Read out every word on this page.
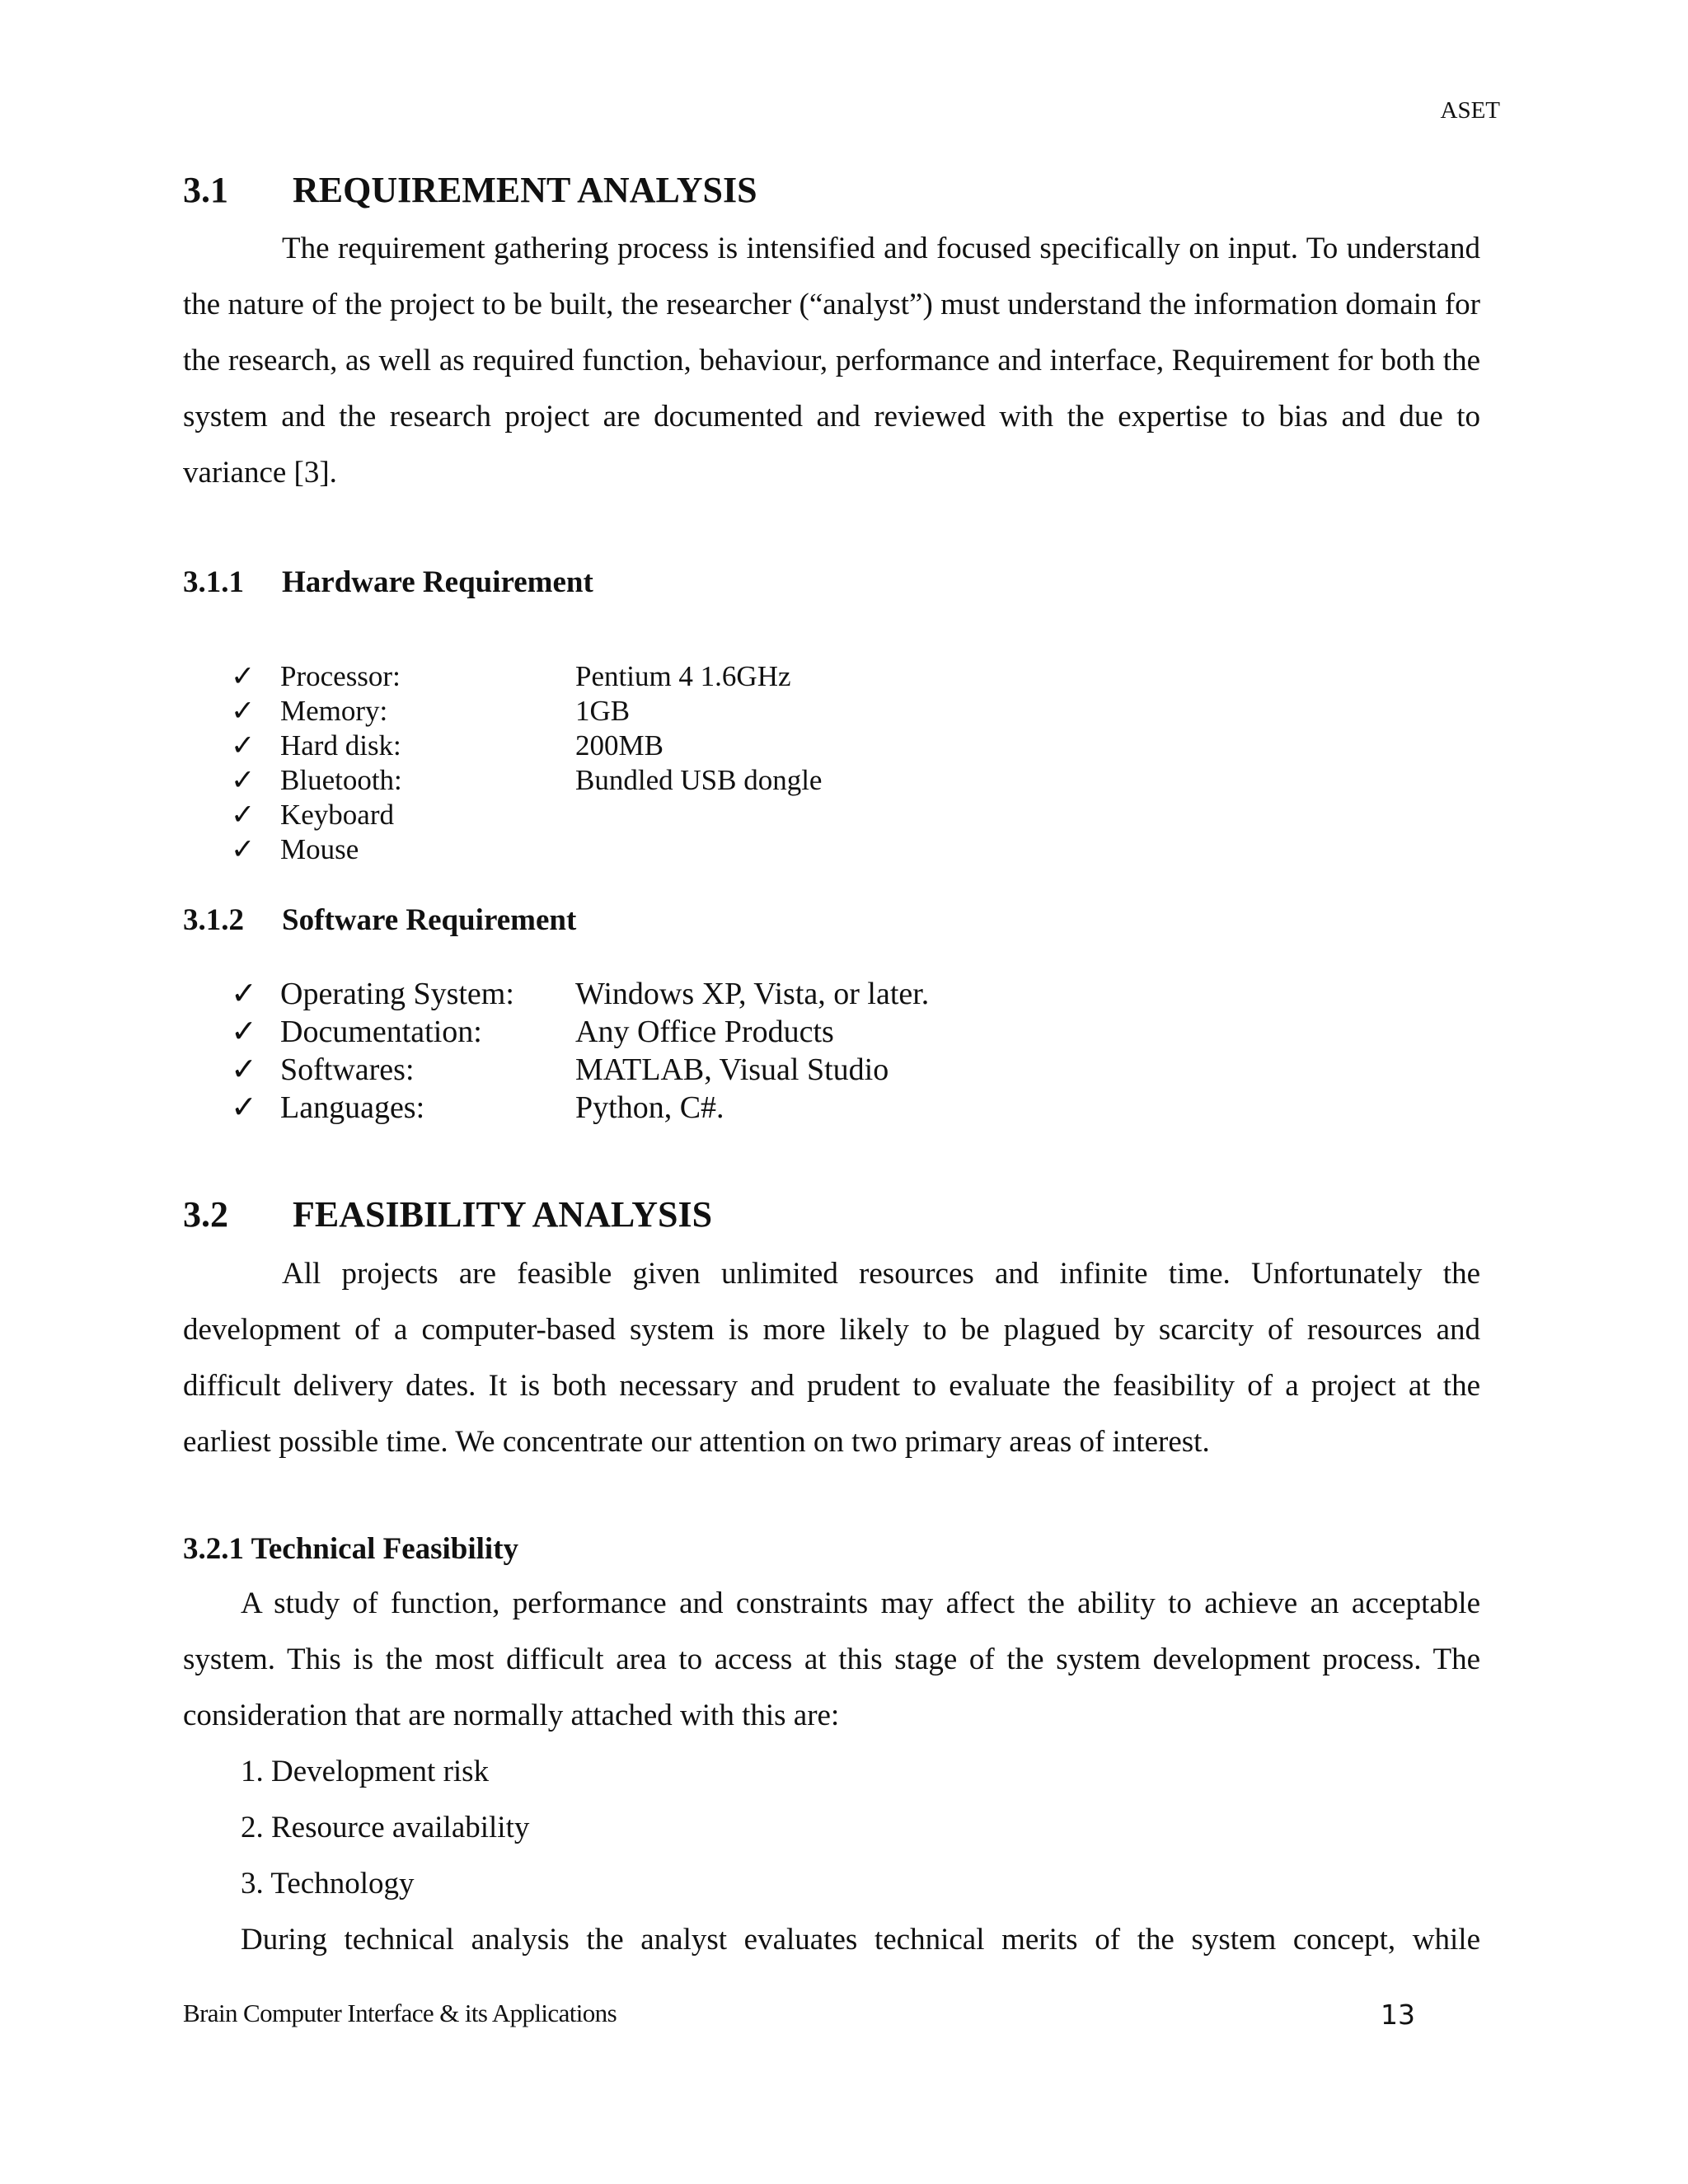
ASET
3.1 REQUIREMENT ANALYSIS
The requirement gathering process is intensified and focused specifically on input. To understand the nature of the project to be built, the researcher (“analyst”) must understand the information domain for the research, as well as required function, behaviour, performance and interface, Requirement for both the system and the research project are documented and reviewed with the expertise to bias and due to variance [3].
3.1.1 Hardware Requirement
✓ Processor:	Pentium 4 1.6GHz
✓ Memory:	1GB
✓ Hard disk:	200MB
✓ Bluetooth:	Bundled USB dongle
✓ Keyboard
✓ Mouse
3.1.2 Software Requirement
✓ Operating System: Windows XP, Vista, or later.
✓ Documentation:	Any Office Products
✓ Softwares:	MATLAB, Visual Studio
✓ Languages:	Python, C#.
3.2 FEASIBILITY ANALYSIS
All projects are feasible given unlimited resources and infinite time. Unfortunately the development of a computer-based system is more likely to be plagued by scarcity of resources and difficult delivery dates. It is both necessary and prudent to evaluate the feasibility of a project at the earliest possible time. We concentrate our attention on two primary areas of interest.
3.2.1 Technical Feasibility
A study of function, performance and constraints may affect the ability to achieve an acceptable system. This is the most difficult area to access at this stage of the system development process. The consideration that are normally attached with this are:
1. Development risk
2. Resource availability
3. Technology
During technical analysis the analyst evaluates technical merits of the system concept, while
Brain Computer Interface & its Applications	13
